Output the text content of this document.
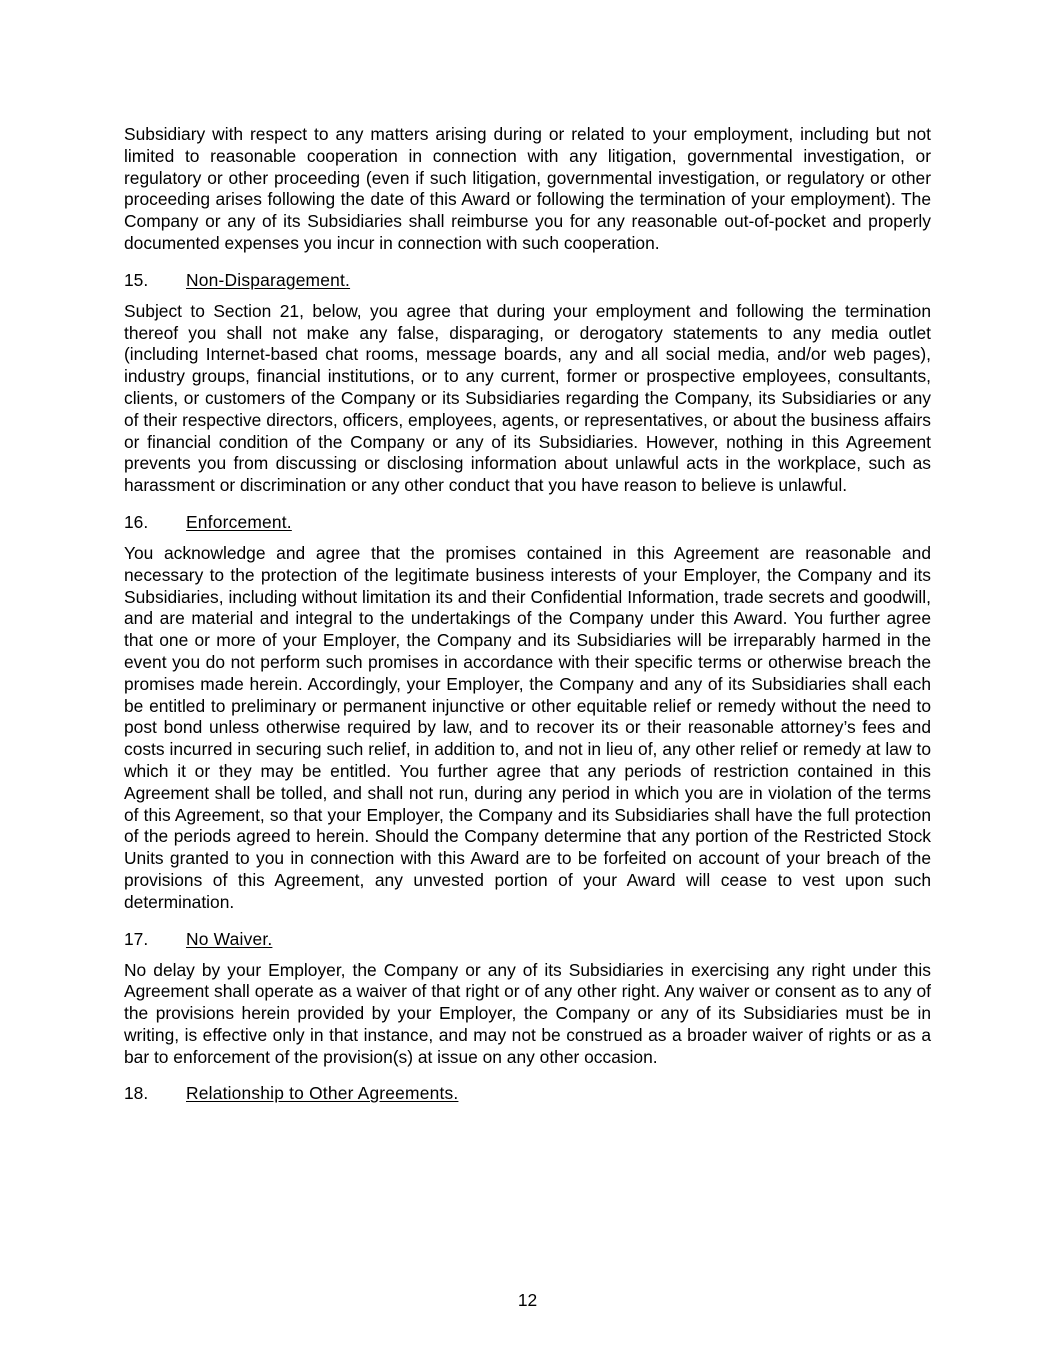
Subsidiary with respect to any matters arising during or related to your employment, including but not limited to reasonable cooperation in connection with any litigation, governmental investigation, or regulatory or other proceeding (even if such litigation, governmental investigation, or regulatory or other proceeding arises following the date of this Award or following the termination of your employment). The Company or any of its Subsidiaries shall reimburse you for any reasonable out-of-pocket and properly documented expenses you incur in connection with such cooperation.

15. Non-Disparagement.

Subject to Section 21, below, you agree that during your employment and following the termination thereof you shall not make any false, disparaging, or derogatory statements to any media outlet (including Internet-based chat rooms, message boards, any and all social media, and/or web pages), industry groups, financial institutions, or to any current, former or prospective employees, consultants, clients, or customers of the Company or its Subsidiaries regarding the Company, its Subsidiaries or any of their respective directors, officers, employees, agents, or representatives, or about the business affairs or financial condition of the Company or any of its Subsidiaries. However, nothing in this Agreement prevents you from discussing or disclosing information about unlawful acts in the workplace, such as harassment or discrimination or any other conduct that you have reason to believe is unlawful.

16. Enforcement.

You acknowledge and agree that the promises contained in this Agreement are reasonable and necessary to the protection of the legitimate business interests of your Employer, the Company and its Subsidiaries, including without limitation its and their Confidential Information, trade secrets and goodwill, and are material and integral to the undertakings of the Company under this Award. You further agree that one or more of your Employer, the Company and its Subsidiaries will be irreparably harmed in the event you do not perform such promises in accordance with their specific terms or otherwise breach the promises made herein. Accordingly, your Employer, the Company and any of its Subsidiaries shall each be entitled to preliminary or permanent injunctive or other equitable relief or remedy without the need to post bond unless otherwise required by law, and to recover its or their reasonable attorney’s fees and costs incurred in securing such relief, in addition to, and not in lieu of, any other relief or remedy at law to which it or they may be entitled. You further agree that any periods of restriction contained in this Agreement shall be tolled, and shall not run, during any period in which you are in violation of the terms of this Agreement, so that your Employer, the Company and its Subsidiaries shall have the full protection of the periods agreed to herein. Should the Company determine that any portion of the Restricted Stock Units granted to you in connection with this Award are to be forfeited on account of your breach of the provisions of this Agreement, any unvested portion of your Award will cease to vest upon such determination.

17. No Waiver.

No delay by your Employer, the Company or any of its Subsidiaries in exercising any right under this Agreement shall operate as a waiver of that right or of any other right. Any waiver or consent as to any of the provisions herein provided by your Employer, the Company or any of its Subsidiaries must be in writing, is effective only in that instance, and may not be construed as a broader waiver of rights or as a bar to enforcement of the provision(s) at issue on any other occasion.

18. Relationship to Other Agreements.
12
